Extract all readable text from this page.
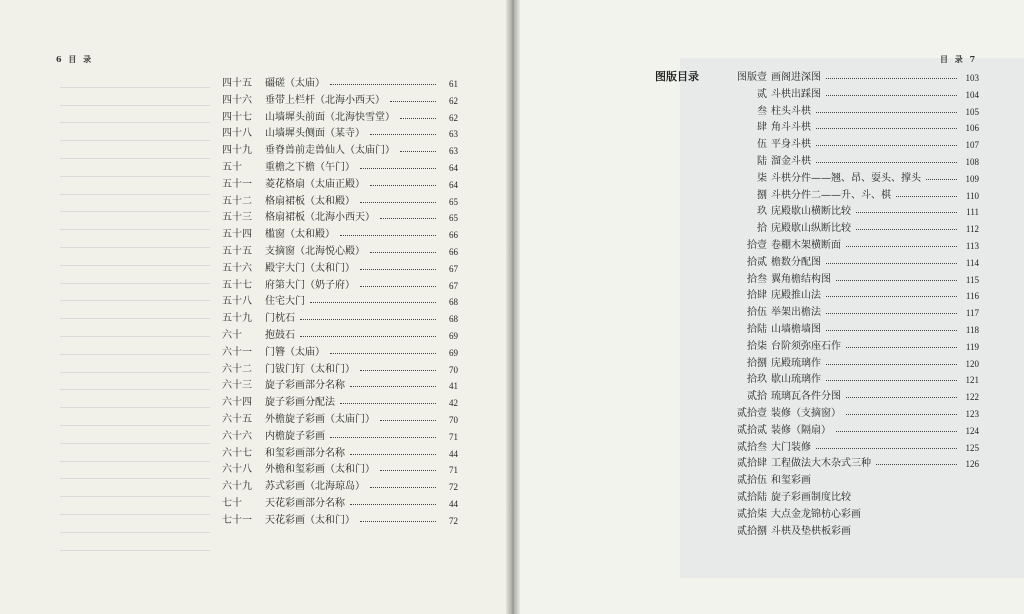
6 目 录	目 录 7
四十五 礓磋（太庙）	61
四十六 垂带上栏杆（北海小西天）	62
四十七 山墙墀头前面（北海快雪堂）	62
四十八 山墙墀头侧面（某寺）	63
四十九 垂脊兽前走兽仙人（太庙门）	63
五十 重檐之下檐（午门）	64
五十一 菱花格扇（太庙正殿）	64
五十二 格扇裙板（太和殿）	65
五十三 格扇裙板（北海小西天）	65
五十四 槛窗（太和殿）	66
五十五 支摘窗（北海悦心殿）	66
五十六 殿宇大门（太和门）	67
五十七 府第大门（奶子府）	67
五十八 住宅大门	68
五十九 门枕石	68
六十 抱鼓石	69
六十一 门簪（太庙）	69
六十二 门钹门钉（太和门）	70
六十三 旋子彩画部分名称	41
六十四 旋子彩画分配法	42
六十五 外檐旋子彩画（太庙门）	70
六十六 内檐旋子彩画	71
六十七 和玺彩画部分名称	44
六十八 外檐和玺彩画（太和门）	71
六十九 苏式彩画（北海琼岛）	72
七十 天花彩画部分名称	44
七十一 天花彩画（太和门）	72
图版目录	图版壹 画阁进深图	103
贰 斗栱出踩图	104
叁 柱头斗栱	105
肆 角斗斗栱	106
伍 平身斗栱	107
陆 溜金斗栱	108
柒 斗栱分件——翘、昂、耍头、撑头	109
捌 斗栱分件二——升、斗、棋	110
玖 庑殿歇山横断比较	111
拾 庑殿歇山纵断比较	112
拾壹 卷棚木架横断面	113
拾贰 檐数分配图	114
拾叁 翼角檐结构图	115
拾肆 庑殿推山法	116
拾伍 举架出檐法	117
拾陆 山墙檐墙图	118
拾柒 台阶须弥座石作	119
拾捌 庑殿琉璃作	120
拾玖 歇山琉璃作	121
贰拾 琉璃瓦各件分图	122
贰拾壹 装修（支摘窗）	123
贰拾贰 装修（隔扇）	124
贰拾叁 大门装修	125
贰拾肆 工程做法大木杂式三种	126
贰拾伍 和玺彩画
贰拾陆 旋子彩画制度比较
贰拾柒 大点金龙锦枋心彩画
贰拾捌 斗栱及垫栱板彩画
